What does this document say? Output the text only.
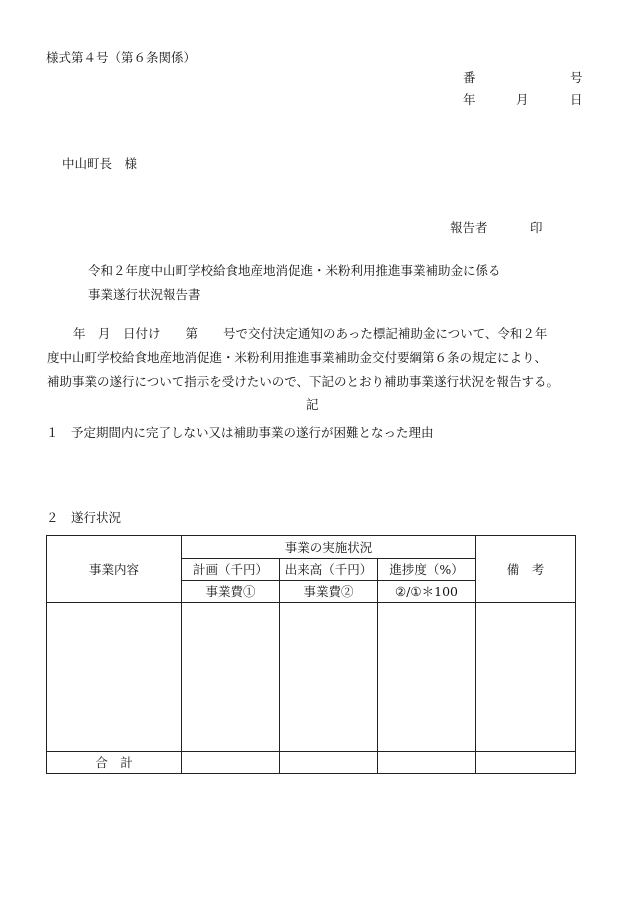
様式第４号（第６条関係）
番	号
年	月	日
中山町長　様
報告者	印
令和２年度中山町学校給食地産地消促進・米粉利用推進事業補助金に係る
事業遂行状況報告書
年　月　日付け　　第　　号で交付決定通知のあった標記補助金について、令和２年
度中山町学校給食地産地消促進・米粉利用推進事業補助金交付要綱第６条の規定により、
補助事業の遂行について指示を受けたいので、下記のとおり補助事業遂行状況を報告する。
記
１　予定期間内に完了しない又は補助事業の遂行が困難となった理由
２　遂行状況
事業内容	事業の実施状況			備　考
	計画（千円）	出来高（千円）	進捗度（%）	
	事業費①	事業費②	②/①＊100	

合　計				
